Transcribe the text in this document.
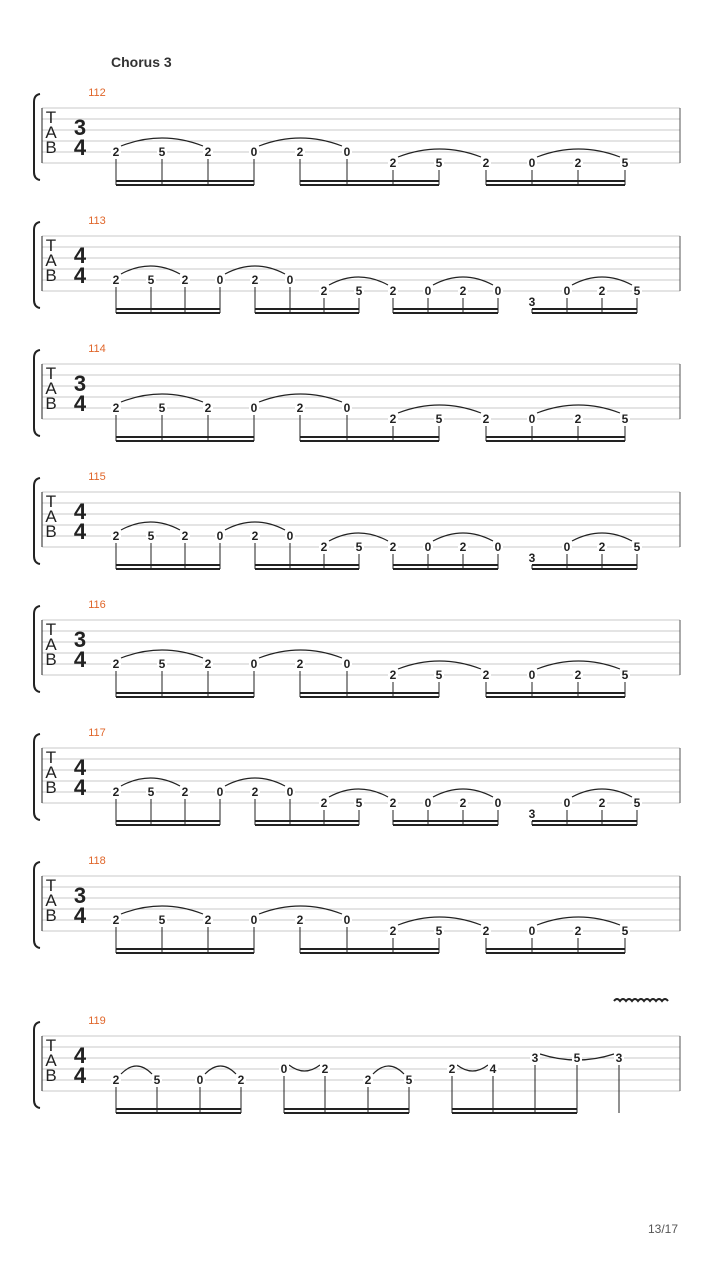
Chorus 3
T
A
B
3
4
112
2	5	2	0	2	0
2	5	2	0	2	5
T
A
B
4
4
113
2 5 2 0 2 0
2 5 2 0 2 0
3
0 2 5
T
A
B
3
4
114
2	5	2	0	2	0
2	5	2	0	2	5
T
A
B
4
4
115
2 5 2 0 2 0
2 5 2 0 2 0
3
0 2 5
T
A
B
3
4
116
2	5	2	0	2	0
2	5	2	0	2	5
T
A
B
4
4
117
2 5 2 0 2 0
2 5 2 0 2 0
3
0 2 5
T
A
B
3
4
118
2	5	2	0	2	0
2	5	2	0	2	5
T
A
B
4
4
119
2	5	0	2
0	2
2	5
2	4
3	5	3
13/17
